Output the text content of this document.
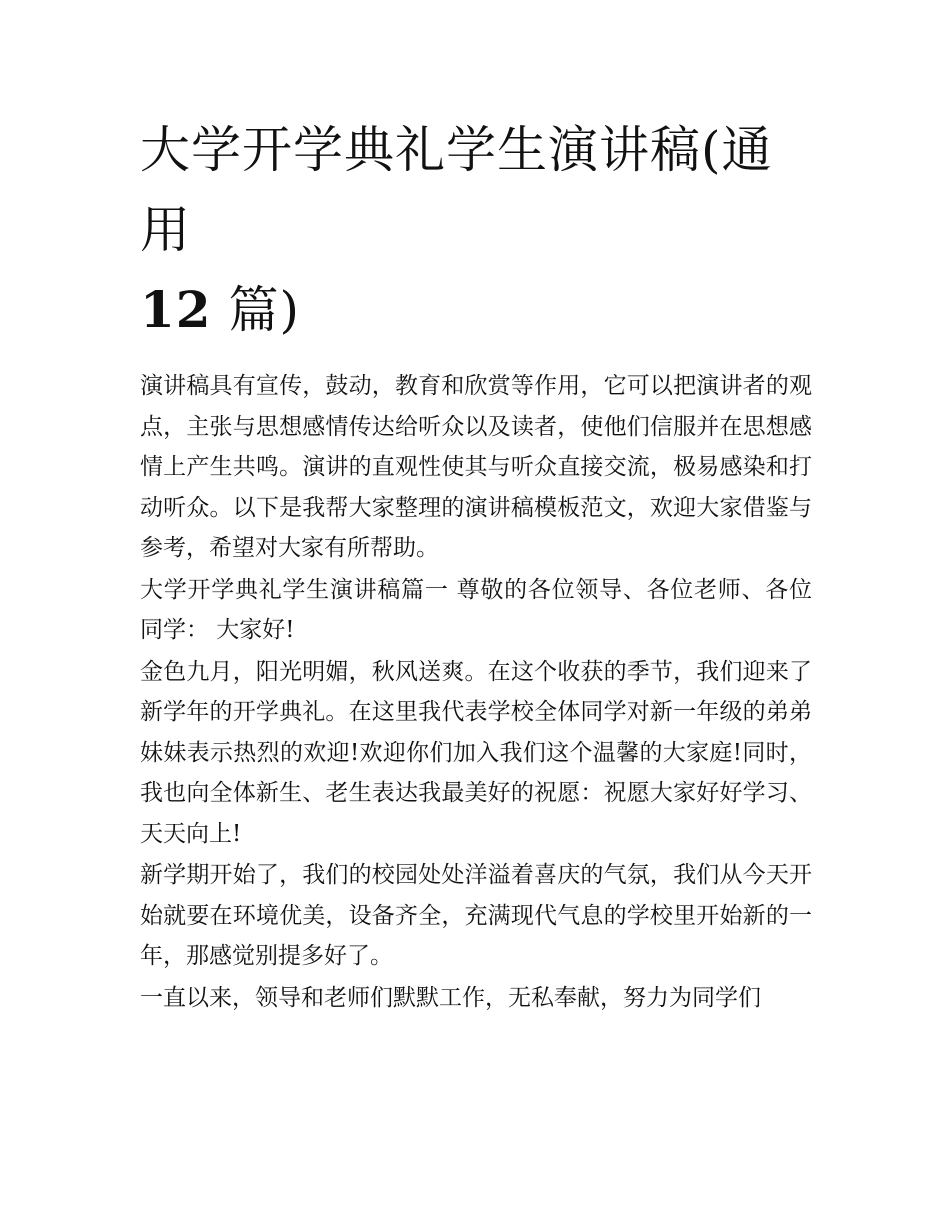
大学开学典礼学生演讲稿(通用
12 篇)

演讲稿具有宣传，鼓动，教育和欣赏等作用，它可以把演讲者的观点，主张与思想感情传达给听众以及读者，使他们信服并在思想感情上产生共鸣。演讲的直观性使其与听众直接交流，极易感染和打动听众。以下是我帮大家整理的演讲稿模板范文，欢迎大家借鉴与参考，希望对大家有所帮助。

大学开学典礼学生演讲稿篇一 尊敬的各位领导、各位老师、各位同学： 大家好!

金色九月，阳光明媚，秋风送爽。在这个收获的季节，我们迎来了新学年的开学典礼。在这里我代表学校全体同学对新一年级的弟弟妹妹表示热烈的欢迎!欢迎你们加入我们这个温馨的大家庭!同时，我也向全体新生、老生表达我最美好的祝愿：祝愿大家好好学习、天天向上!

新学期开始了，我们的校园处处洋溢着喜庆的气氛，我们从今天开始就要在环境优美，设备齐全，充满现代气息的学校里开始新的一年，那感觉别提多好了。

一直以来，领导和老师们默默工作，无私奉献，努力为同学们
